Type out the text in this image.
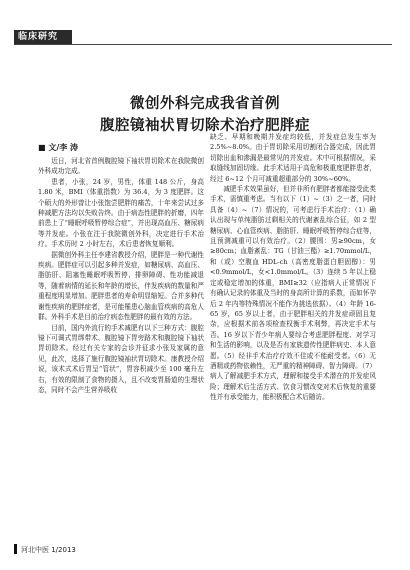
临床研究
微创外科完成我省首例
腹腔镜袖状胃切除术治疗肥胖症
■ 文/李 涛

近日，河北省首例腹腔镜下袖状胃切除术在我院微创外科成功完成。

患者，小张，24 岁，男性，体重 148 公斤，身高 1.80 米，BMI（体重指数）为 36.4，为 3 度肥胖。这个硕大的外形曾让小张饱尝肥胖的痛苦，十年来尝试过多种减肥方法均以失败告终。由于病态性肥胖的折磨，四年前患上了“睡眠呼吸暂停综合症”，并出现高血压、糖尿病等并发症。小张在注于我院微创外科，决定进行手术治疗。手术历时 2 小时左右，术后患者恢复顺利。

据微创外科主任李建省教授介绍，肥胖是一种代谢性疾病。肥胖症可以引起多种并发症，如糖尿病、高血压、脂肪肝、阻塞性睡眠呼吸暂停、排卵障碍、性功能减退等，随着病情的延长和年龄的增长，伴发疾病的数量和严重程度明显增加。肥胖患者的寿命明显缩短。合并多种代谢性疾病的肥胖症者，是可能罹患心脑血管疾病的高危人群。外科手术是目前治疗病态性肥胖的最有效的方法。

目前，国内外流行的手术减肥有以下三种方式：腹腔镜下可调式胃绑带术、腹腔镜下胃旁路术和腹腔镜下袖状胃切除术。经过有关专家的会诊并征求小张及家属的意见，此次，选择了施行腹腔镜袖状胃切除术。康教授介绍说，该术式术后胃呈“管状”，胃容积减少至 100 毫升左右，有效的限制了食物的摄入，且不改变胃肠道的生理状态，同时不会产生营养吸收

缺乏、早期和晚期并发症均较低，并发症总发生率为 2.5%~8.0%。由于胃切除采用切割闭合器完成，因此胃切除出血和渗漏是最常见的并发症。术中可根据情况，采取缝线加固切缘。此手术适用于高危和极重度肥胖患者，经过 6~12 个月可减重超重部分的 30%~60%。

减肥手术效果虽好，但并非所有肥胖者都能接受此类手术，需慎重考虑。当有以下（1）~（3）之一者，同时具备（4）~（7）情况的，可考虑行手术治疗：（1）确认出现与单纯脂肪过剩相关的代谢紊乱综合征，如 2 型糖尿病、心血管疾病、脂肪肝、睡眠呼吸暂停综合症等，且预测减重可以有效治疗。（2）腰围：男≥90cm，女≥80cm；血脂紊乱：TG（甘油三酯）≥1.70mmol/L，和（或）空腹血 HDL-ch（高密度脂蛋白胆固醇）：男<0.9mmol/L，女<1.0mmol/L。（3）连续 5 年以上稳定或稳定增加的体重，BMI≥32（应指病人正常情况下有确认记录的体重及当时的身高所计算的系数，而如怀孕后 2 年内等特殊情况不能作为挑选依据）。（4）年龄 16-65 岁，65 岁以上者，由于肥胖相关的并发症顽固且复杂，应根据术前各项检查权衡手术利弊，再决定手术与否。16 岁以下青少年病人要综合考虑肥胖程度、对学习和生活的影响，以及是否有家族遗传性肥胖病史、本人意愿。（5）经非手术治疗疗效不佳或不能耐受者。（6）无酒精或药物依赖性，无严重的精神障碍、智力障碍。（7）病人了解减肥手术方式，理解和接受手术潜在的并发症风险；理解术后生活方式、饮食习惯改变对术后恢复的重要性并有承受能力，能积极配合术后随访。

河北中医 1/2013
